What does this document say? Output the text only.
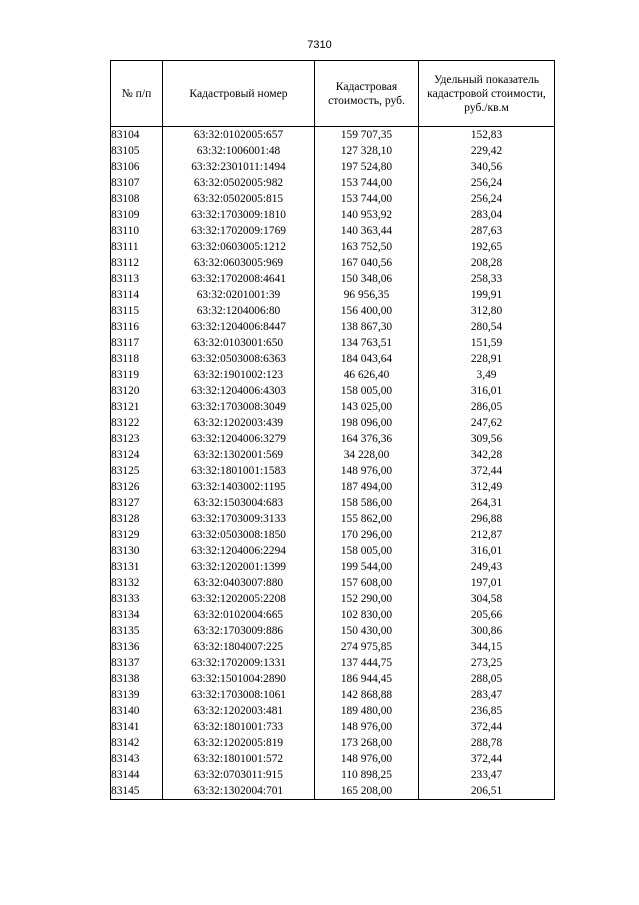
7310
№ п/п	Кадастровый номер	Кадастровая стоимость, руб.	Удельный показатель кадастровой стоимости, руб./кв.м
83104	63:32:0102005:657	159 707,35	152,83
83105	63:32:1006001:48	127 328,10	229,42
83106	63:32:2301011:1494	197 524,80	340,56
83107	63:32:0502005:982	153 744,00	256,24
83108	63:32:0502005:815	153 744,00	256,24
83109	63:32:1703009:1810	140 953,92	283,04
83110	63:32:1702009:1769	140 363,44	287,63
83111	63:32:0603005:1212	163 752,50	192,65
83112	63:32:0603005:969	167 040,56	208,28
83113	63:32:1702008:4641	150 348,06	258,33
83114	63:32:0201001:39	96 956,35	199,91
83115	63:32:1204006:80	156 400,00	312,80
83116	63:32:1204006:8447	138 867,30	280,54
83117	63:32:0103001:650	134 763,51	151,59
83118	63:32:0503008:6363	184 043,64	228,91
83119	63:32:1901002:123	46 626,40	3,49
83120	63:32:1204006:4303	158 005,00	316,01
83121	63:32:1703008:3049	143 025,00	286,05
83122	63:32:1202003:439	198 096,00	247,62
83123	63:32:1204006:3279	164 376,36	309,56
83124	63:32:1302001:569	34 228,00	342,28
83125	63:32:1801001:1583	148 976,00	372,44
83126	63:32:1403002:1195	187 494,00	312,49
83127	63:32:1503004:683	158 586,00	264,31
83128	63:32:1703009:3133	155 862,00	296,88
83129	63:32:0503008:1850	170 296,00	212,87
83130	63:32:1204006:2294	158 005,00	316,01
83131	63:32:1202001:1399	199 544,00	249,43
83132	63:32:0403007:880	157 608,00	197,01
83133	63:32:1202005:2208	152 290,00	304,58
83134	63:32:0102004:665	102 830,00	205,66
83135	63:32:1703009:886	150 430,00	300,86
83136	63:32:1804007:225	274 975,85	344,15
83137	63:32:1702009:1331	137 444,75	273,25
83138	63:32:1501004:2890	186 944,45	288,05
83139	63:32:1703008:1061	142 868,88	283,47
83140	63:32:1202003:481	189 480,00	236,85
83141	63:32:1801001:733	148 976,00	372,44
83142	63:32:1202005:819	173 268,00	288,78
83143	63:32:1801001:572	148 976,00	372,44
83144	63:32:0703011:915	110 898,25	233,47
83145	63:32:1302004:701	165 208,00	206,51
